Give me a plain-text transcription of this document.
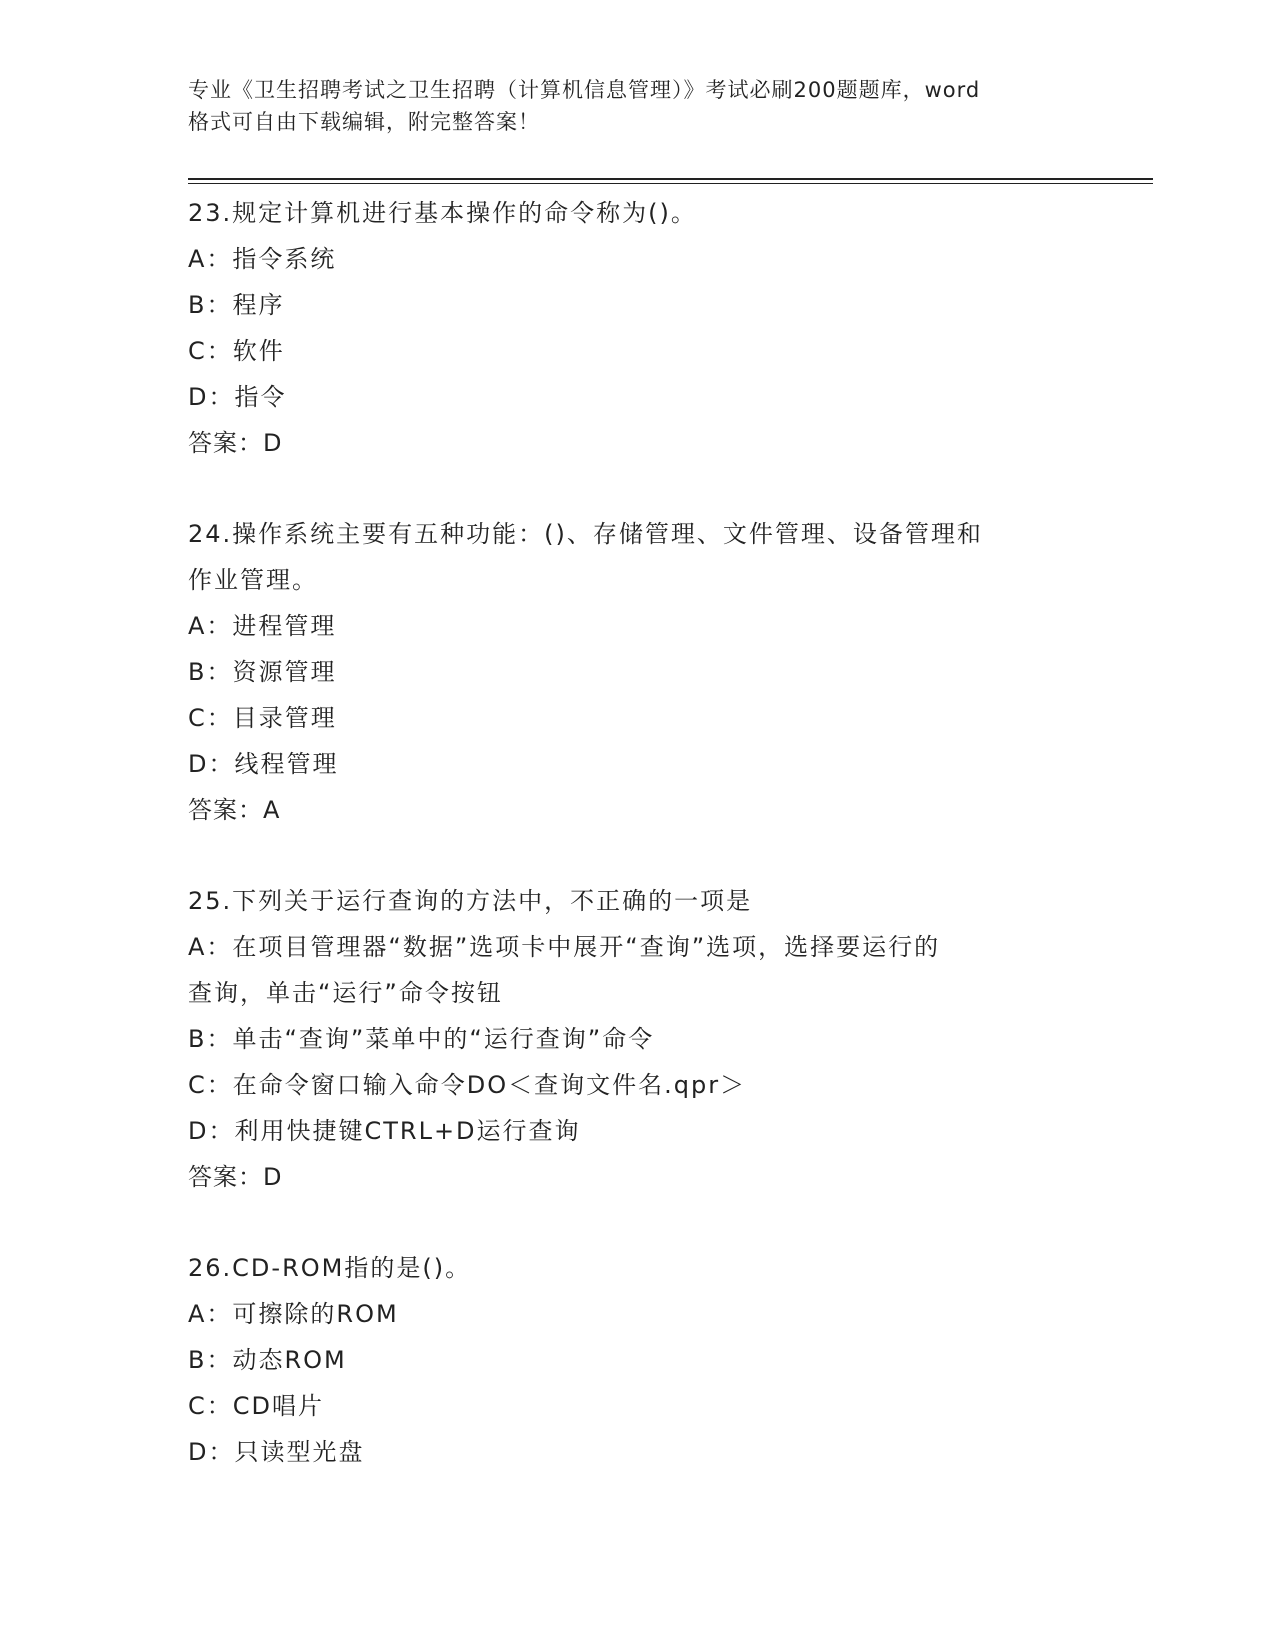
专业《卫生招聘考试之卫生招聘（计算机信息管理）》考试必刷200题题库，word
格式可自由下载编辑，附完整答案！
23.规定计算机进行基本操作的命令称为()。
A：指令系统
B：程序
C：软件
D：指令
答案：D
24.操作系统主要有五种功能：()、存储管理、文件管理、设备管理和
作业管理。
A：进程管理
B：资源管理
C：目录管理
D：线程管理
答案：A
25.下列关于运行查询的方法中，不正确的一项是
A：在项目管理器“数据”选项卡中展开“查询”选项，选择要运行的
查询，单击“运行”命令按钮
B：单击“查询”菜单中的“运行查询”命令
C：在命令窗口输入命令DO＜查询文件名.qpr＞
D：利用快捷键CTRL+D运行查询
答案：D
26.CD-ROM指的是()。
A：可擦除的ROM
B：动态ROM
C：CD唱片
D：只读型光盘
